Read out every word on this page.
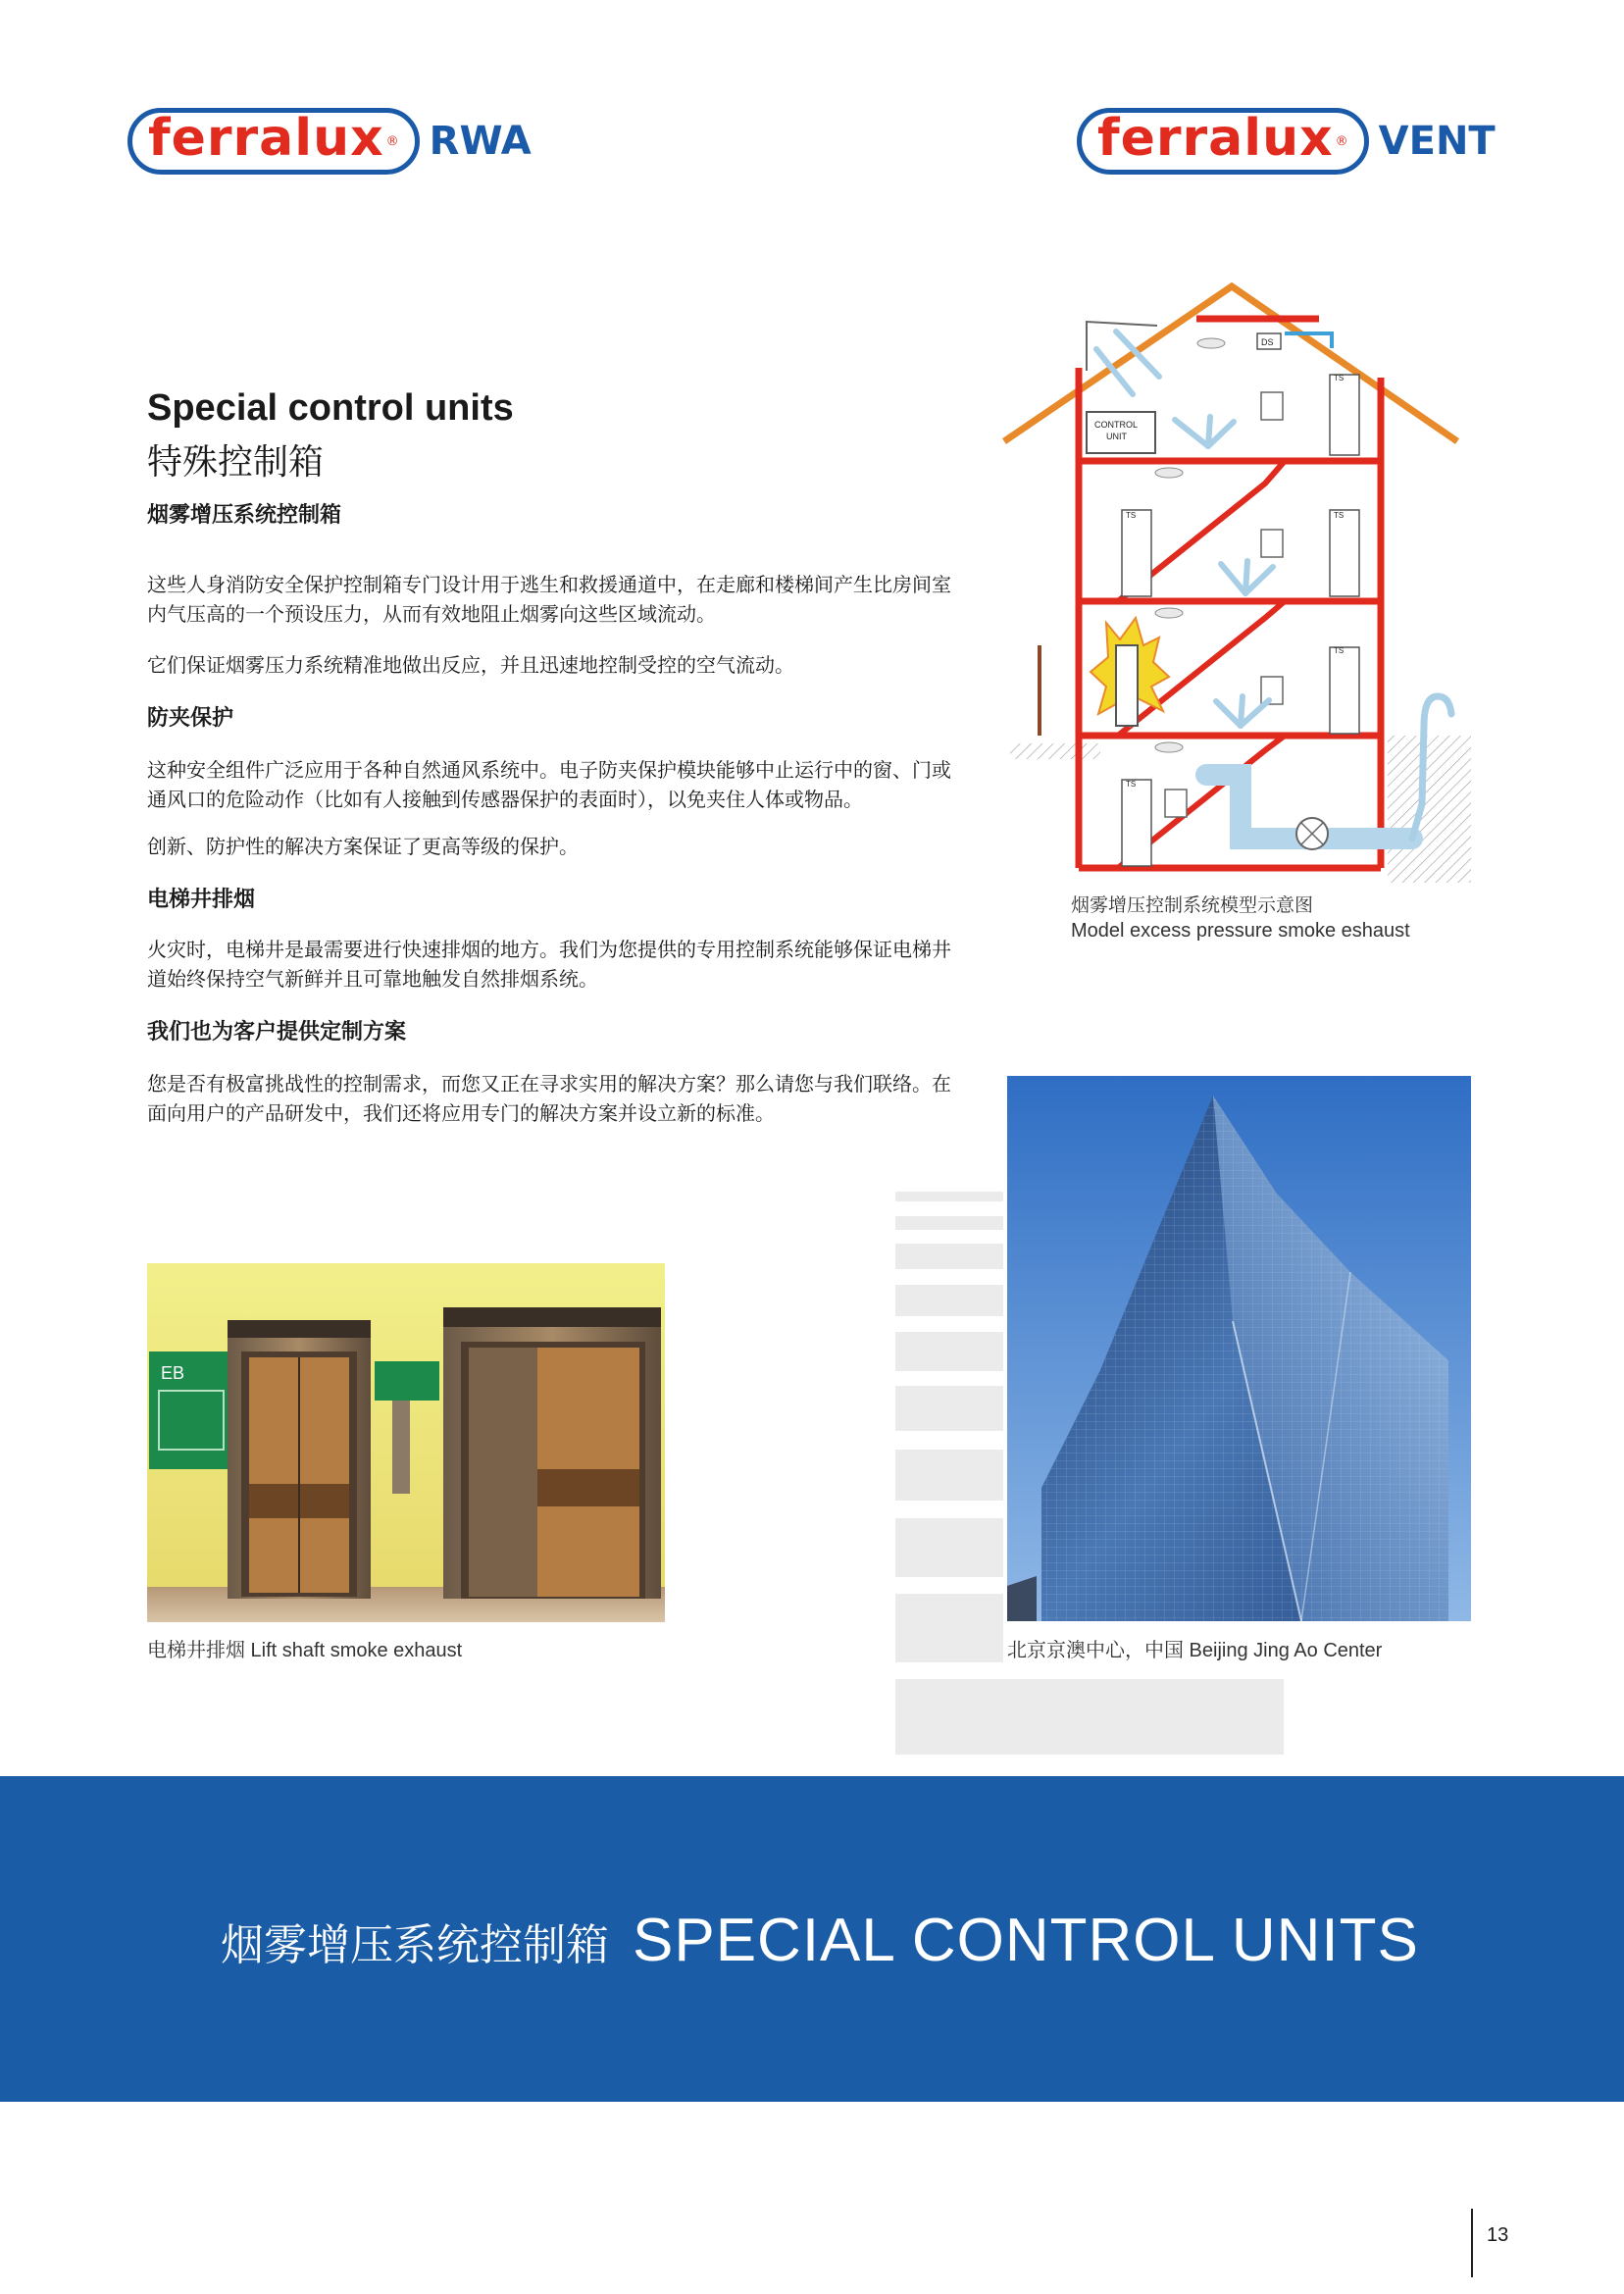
ferralux ® RWA	ferralux ® VENT
Special control units
特殊控制箱
烟雾增压系统控制箱

这些人身消防安全保护控制箱专门设计用于逃生和救援通道中，在走廊和楼梯间产生比房间室内气压高的一个预设压力，从而有效地阻止烟雾向这些区域流动。

它们保证烟雾压力系统精准地做出反应，并且迅速地控制受控的空气流动。

防夹保护

这种安全组件广泛应用于各种自然通风系统中。电子防夹保护模块能够中止运行中的窗、门或通风口的危险动作（比如有人接触到传感器保护的表面时），以免夹住人体或物品。

创新、防护性的解决方案保证了更高等级的保护。

电梯井排烟

火灾时，电梯井是最需要进行快速排烟的地方。我们为您提供的专用控制系统能够保证电梯井道始终保持空气新鲜并且可靠地触发自然排烟系统。

我们也为客户提供定制方案

您是否有极富挑战性的控制需求，而您又正在寻求实用的解决方案？那么请您与我们联络。在面向用户的产品研发中，我们还将应用专门的解决方案并设立新的标准。

CONTROL
UNIT
DS
TS
TS	TS
TS
TS
烟雾增压控制系统模型示意图
Model excess pressure smoke eshaust
北京京澳中心，中国 Beijing Jing Ao Center
EB
电梯井排烟 Lift shaft smoke exhaust
烟雾增压系统控制箱 SPECIAL CONTROL UNITS
13
